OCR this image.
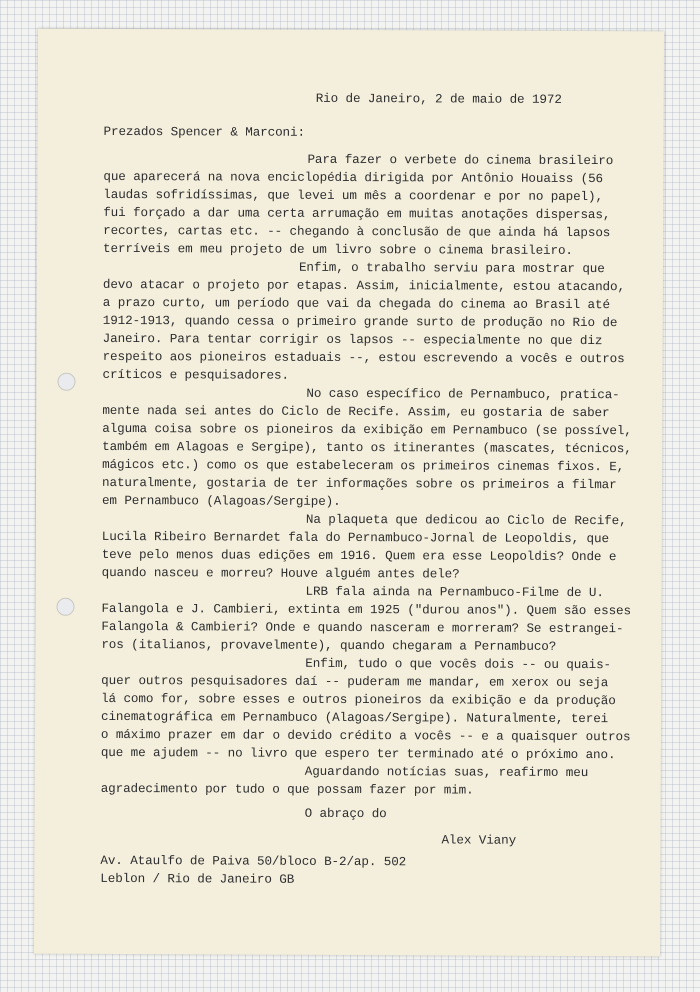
Rio de Janeiro, 2 de maio de 1972
Prezados Spencer & Marconi:
Para fazer o verbete do cinema brasileiro
que aparecerá na nova enciclopédia dirigida por Antônio Houaiss (56
laudas sofridíssimas, que levei um mês a coordenar e por no papel),
fui forçado a dar uma certa arrumação em muitas anotações dispersas,
recortes, cartas etc. -- chegando à conclusão de que ainda há lapsos
terríveis em meu projeto de um livro sobre o cinema brasileiro.
Enfim, o trabalho serviu para mostrar que
devo atacar o projeto por etapas. Assim, inicialmente, estou atacando,
a prazo curto, um período que vai da chegada do cinema ao Brasil até
1912-1913, quando cessa o primeiro grande surto de produção no Rio de
Janeiro. Para tentar corrigir os lapsos -- especialmente no que diz
respeito aos pioneiros estaduais --, estou escrevendo a vocês e outros
críticos e pesquisadores.
No caso específico de Pernambuco, pratica-
mente nada sei antes do Ciclo de Recife. Assim, eu gostaria de saber
alguma coisa sobre os pioneiros da exibição em Pernambuco (se possível,
também em Alagoas e Sergipe), tanto os itinerantes (mascates, técnicos,
mágicos etc.) como os que estabeleceram os primeiros cinemas fixos. E,
naturalmente, gostaria de ter informações sobre os primeiros a filmar
em Pernambuco (Alagoas/Sergipe).
Na plaqueta que dedicou ao Ciclo de Recife,
Lucila Ribeiro Bernardet fala do Pernambuco-Jornal de Leopoldis, que
teve pelo menos duas edições em 1916. Quem era esse Leopoldis? Onde e
quando nasceu e morreu? Houve alguém antes dele?
LRB fala ainda na Pernambuco-Filme de U.
Falangola e J. Cambieri, extinta em 1925 ("durou anos"). Quem são esses
Falangola & Cambieri? Onde e quando nasceram e morreram? Se estrangei-
ros (italianos, provavelmente), quando chegaram a Pernambuco?
Enfim, tudo o que vocês dois -- ou quais-
quer outros pesquisadores daí -- puderam me mandar, em xerox ou seja
lá como for, sobre esses e outros pioneiros da exibição e da produção
cinematográfica em Pernambuco (Alagoas/Sergipe). Naturalmente, terei
o máximo prazer em dar o devido crédito a vocês -- e a quaisquer outros
que me ajudem -- no livro que espero ter terminado até o próximo ano.
Aguardando notícias suas, reafirmo meu
agradecimento por tudo o que possam fazer por mim.
O abraço do
Alex Viany
Av. Ataulfo de Paiva 50/bloco B-2/ap. 502
Leblon / Rio de Janeiro GB
